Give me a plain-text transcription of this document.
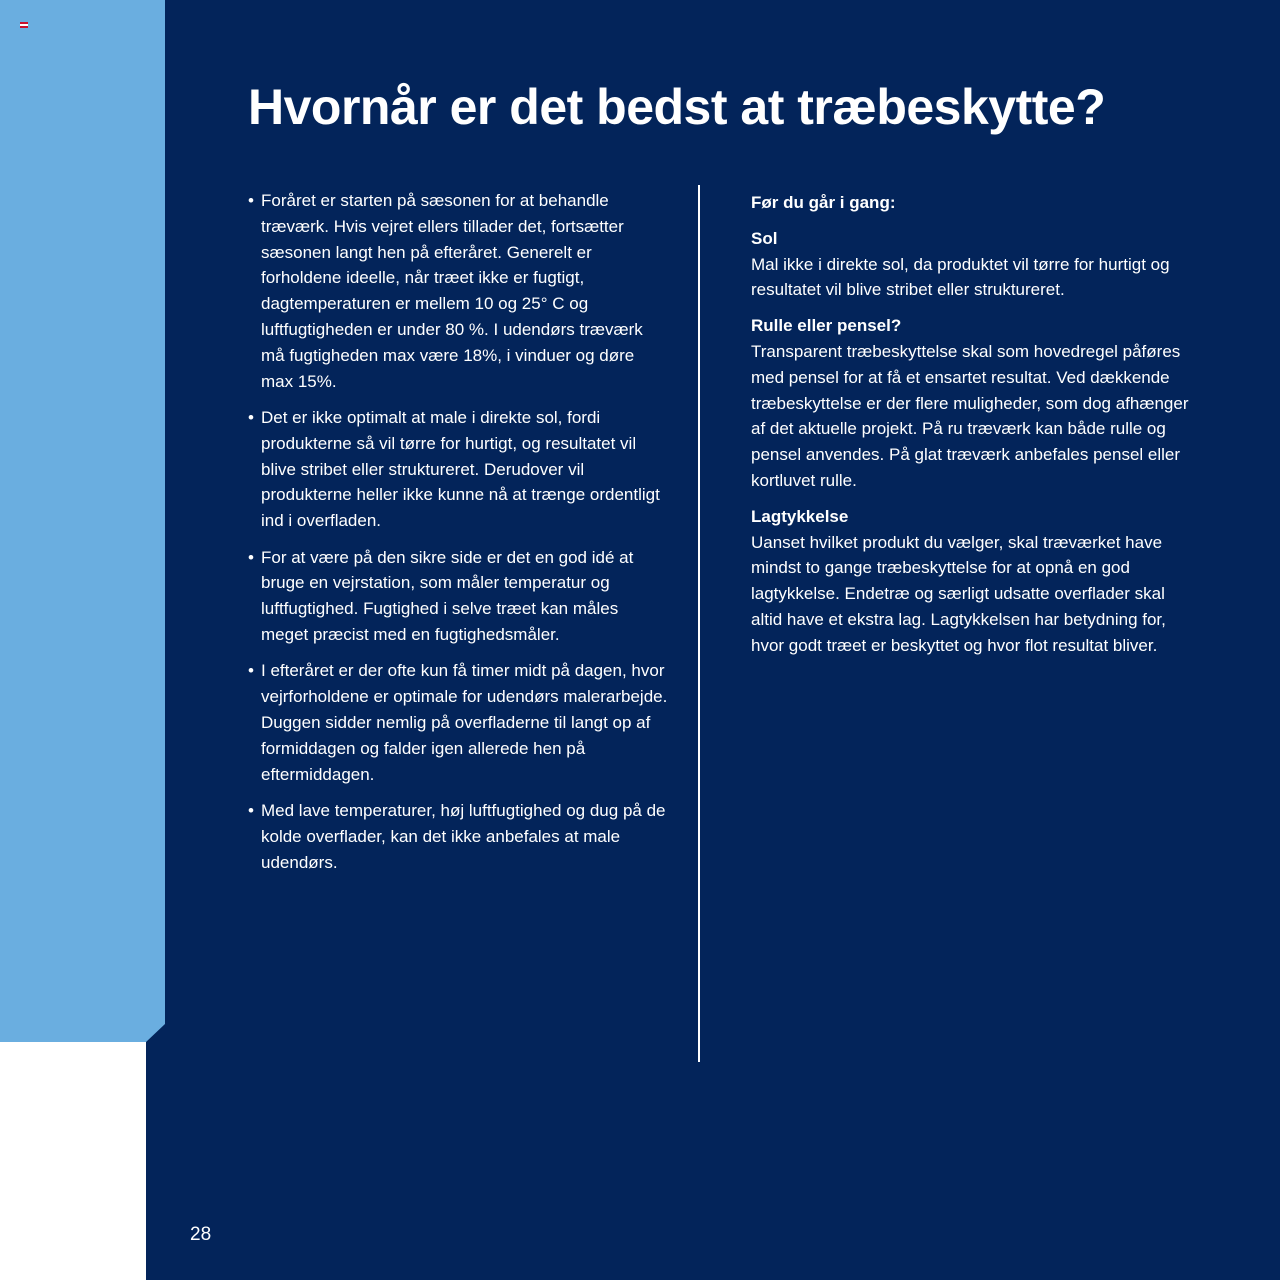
Hvornår er det bedst at træbeskytte?
• Foråret er starten på sæsonen for at behandle træværk. Hvis vejret ellers tillader det, fortsætter sæsonen langt hen på efteråret. Generelt er forholdene ideelle, når træet ikke er fugtigt, dagtemperaturen er mellem 10 og 25° C og luftfugtigheden er under 80 %. I udendørs træværk må fugtigheden max være 18%, i vinduer og døre max 15%.
• Det er ikke optimalt at male i direkte sol, fordi produkterne så vil tørre for hurtigt, og resultatet vil blive stribet eller struktureret. Derudover vil produkterne heller ikke kunne nå at trænge ordentligt ind i overfladen.
• For at være på den sikre side er det en god idé at bruge en vejrstation, som måler temperatur og luftfugtighed. Fugtighed i selve træet kan måles meget præcist med en fugtighedsmåler.
• I efteråret er der ofte kun få timer midt på dagen, hvor vejrforholdene er optimale for udendørs malerarbejde. Duggen sidder nemlig på overfladerne til langt op af formiddagen og falder igen allerede hen på eftermiddagen.
• Med lave temperaturer, høj luftfugtighed og dug på de kolde overflader, kan det ikke anbefales at male udendørs.
Før du går i gang:
Sol

Mal ikke i direkte sol, da produktet vil tørre for hurtigt og resultatet vil blive stribet eller struktureret.

Rulle eller pensel?

Transparent træbeskyttelse skal som hovedregel påføres med pensel for at få et ensartet resultat. Ved dækkende træbeskyttelse er der flere muligheder, som dog afhænger af det aktuelle projekt. På ru træværk kan både rulle og pensel anvendes. På glat træværk anbefales pensel eller kortluvet rulle.

Lagtykkelse

Uanset hvilket produkt du vælger, skal træværket have mindst to gange træbeskyttelse for at opnå en god lagtykkelse. Endetræ og særligt udsatte overflader skal altid have et ekstra lag. Lagtykkelsen har betydning for, hvor godt træet er beskyttet og hvor flot resultat bliver.

28
